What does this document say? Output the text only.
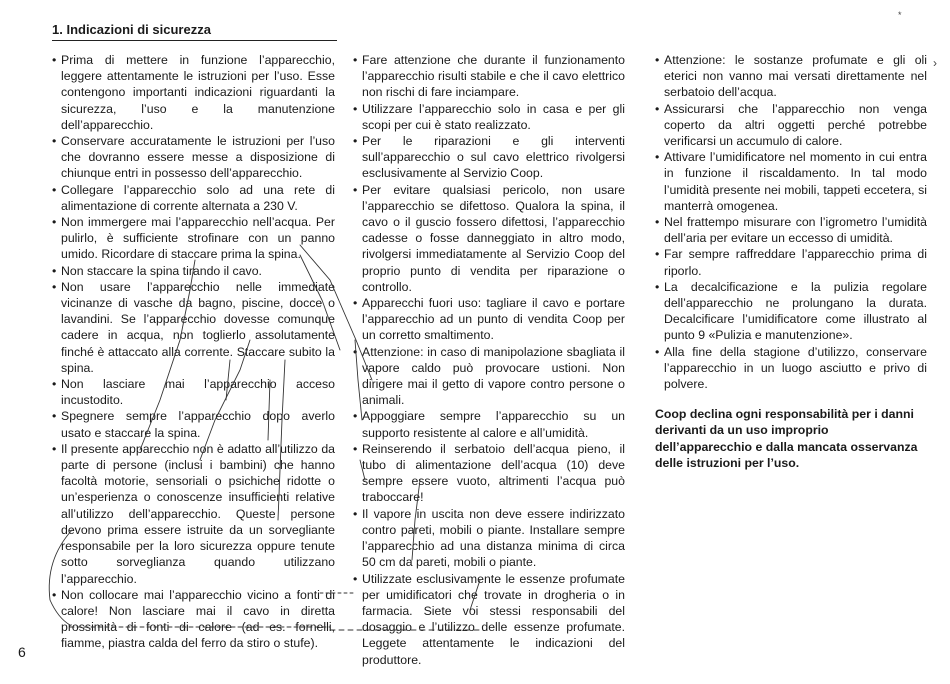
1. Indicazioni di sicurezza
• Prima di mettere in funzione l’apparecchio, leggere attentamente le istruzioni per l’uso. Esse contengono importanti indicazioni riguardanti la sicurezza, l’uso e la manutenzione dell’apparecchio.
• Conservare accuratamente le istruzioni per l’uso che dovranno essere messe a disposizione di chiunque entri in possesso dell’apparecchio.
• Collegare l’apparecchio solo ad una rete di alimentazione di corrente alternata a 230 V.
• Non immergere mai l’apparecchio nell’acqua. Per pulirlo, è sufficiente strofinare con un panno umido. Ricordare di staccare prima la spina.
• Non staccare la spina tirando il cavo.
• Non usare l’apparecchio nelle immediate vicinanze di vasche da bagno, piscine, docce o lavandini. Se l’apparecchio dovesse comunque cadere in acqua, non toglierlo assolutamente finché è attaccato alla corrente. Staccare subito la spina.
• Non lasciare mai l’apparecchio acceso incustodito.
• Spegnere sempre l’apparecchio dopo averlo usato e staccare la spina.
• Il presente apparecchio non è adatto all’utilizzo da parte di persone (inclusi i bambini) che hanno facoltà motorie, sensoriali o psichiche ridotte o un’esperienza o conoscenze insufficienti relative all’utilizzo dell’apparecchio. Queste persone devono prima essere istruite da un sorvegliante responsabile per la loro sicurezza oppure tenute sotto sorveglianza quando utilizzano l’apparecchio.
• Non collocare mai l’apparecchio vicino a fonti di calore! Non lasciare mai il cavo in diretta prossimità di fonti di calore (ad es. fornelli, fiamme, piastra calda del ferro da stiro o stufe).
• Fare attenzione che durante il funzionamento l’apparecchio risulti stabile e che il cavo elettrico non rischi di fare inciampare.
• Utilizzare l’apparecchio solo in casa e per gli scopi per cui è stato realizzato.
• Per le riparazioni e gli interventi sull’apparecchio o sul cavo elettrico rivolgersi esclusivamente al Servizio Coop.
• Per evitare qualsiasi pericolo, non usare l’apparecchio se difettoso. Qualora la spina, il cavo o il guscio fossero difettosi, l’apparecchio cadesse o fosse danneggiato in altro modo, rivolgersi immediatamente al Servizio Coop del proprio punto di vendita per riparazione o controllo.
• Apparecchi fuori uso: tagliare il cavo e portare l’apparecchio ad un punto di vendita Coop per un corretto smaltimento.
• Attenzione: in caso di manipolazione sbagliata il vapore caldo può provocare ustioni. Non dirigere mai il getto di vapore contro persone o animali.
• Appoggiare sempre l’apparecchio su un supporto resistente al calore e all’umidità.
• Reinserendo il serbatoio dell’acqua pieno, il tubo di alimentazione dell’acqua (10) deve sempre essere vuoto, altrimenti l’acqua può traboccare!
• Il vapore in uscita non deve essere indirizzato contro pareti, mobili o piante. Installare sempre l’apparecchio ad una distanza minima di circa 50 cm da pareti, mobili o piante.
• Utilizzate esclusivamente le essenze profumate per umidificatori che trovate in drogheria o in farmacia. Siete voi stessi responsabili del dosaggio e l’utilizzo delle essenze profumate. Leggete attentamente le indicazioni del produttore.
• Attenzione: le sostanze profumate e gli oli eterici non vanno mai versati direttamente nel serbatoio dell’acqua.
• Assicurarsi che l’apparecchio non venga coperto da altri oggetti perché potrebbe verificarsi un accumulo di calore.
• Attivare l’umidificatore nel momento in cui entra in funzione il riscaldamento. In tal modo l’umidità presente nei mobili, tappeti eccetera, si manterrà omogenea.
• Nel frattempo misurare con l’igrometro l’umidità dell’aria per evitare un eccesso di umidità.
• Far sempre raffreddare l’apparecchio prima di riporlo.
• La decalcificazione e la pulizia regolare dell’apparecchio ne prolungano la durata. Decalcificare l’umidificatore come illustrato al punto 9 «Pulizia e manutenzione».
• Alla fine della stagione d’utilizzo, conservare l’apparecchio in un luogo asciutto e privo di polvere.

Coop declina ogni responsabilità per i danni derivanti da un uso improprio dell’apparecchio e dalla mancata osservanza delle istruzioni per l’uso.

6
*
›
